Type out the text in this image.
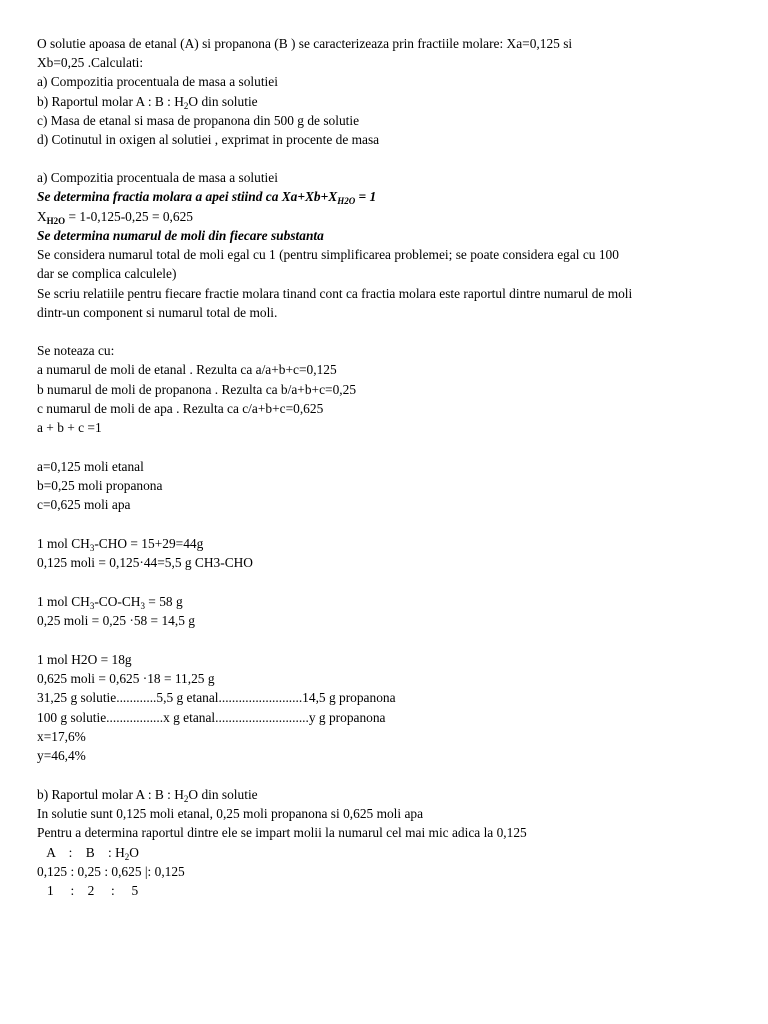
O solutie apoasa de etanal (A) si propanona (B ) se caracterizeaza prin fractiile molare: Xa=0,125 si

Xb=0,25 .Calculati:

a) Compozitia procentuala de masa a solutiei

b) Raportul molar A : B : $H_2O$ din solutie

c) Masa de etanal si masa de propanona din 500 g de solutie

d) Cotinutul in oxigen al solutiei , exprimat in procente de masa

a) Compozitia procentuala de masa a solutiei

Se determina fractia molara a apei stiind ca $Xa+Xb+X_{H2O} = 1$

$X_{H2O} = 1-0,125-0,25 = 0,625$

Se determina numarul de moli din fiecare substanta

Se considera numarul total de moli egal cu 1 (pentru simplificarea problemei; se poate considera egal cu 100

dar se complica calculele)

Se scriu relatiile pentru fiecare fractie molara tinand cont ca fractia molara este raportul dintre numarul de moli

dintr-un component si numarul total de moli.

Se noteaza cu:

a numarul de moli de etanal . Rezulta ca a/a+b+c=0,125

b numarul de moli de propanona . Rezulta ca b/a+b+c=0,25

c numarul de moli de apa . Rezulta ca c/a+b+c=0,625

a + b + c =1

a=0,125 moli etanal

b=0,25 moli propanona

c=0,625 moli apa

1 mol $CH_3$-CHO = 15+29=44g

0,125 moli = 0,125·44=5,5 g CH3-CHO

1 mol $CH_3-CO-CH_3 = 58$ g

0,25 moli = 0,25 ·58 = 14,5 g

1 mol H2O = 18g

0,625 moli = 0,625 ·18 = 11,25 g

31,25 g solutie............5,5 g etanal.........................14,5 g propanona

100 g solutie.................x g etanal............................y g propanona

x=17,6%

y=46,4%

b) Raportul molar A : B : $H_2O$ din solutie

In solutie sunt 0,125 moli etanal, 0,25 moli propanona si 0,625 moli apa

Pentru a determina raportul dintre ele se impart molii la numarul cel mai mic adica la 0,125

A    :    B    : $H_2O$

0,125 : 0,25 : 0,625 |: 0,125

1     :    2     :     5
